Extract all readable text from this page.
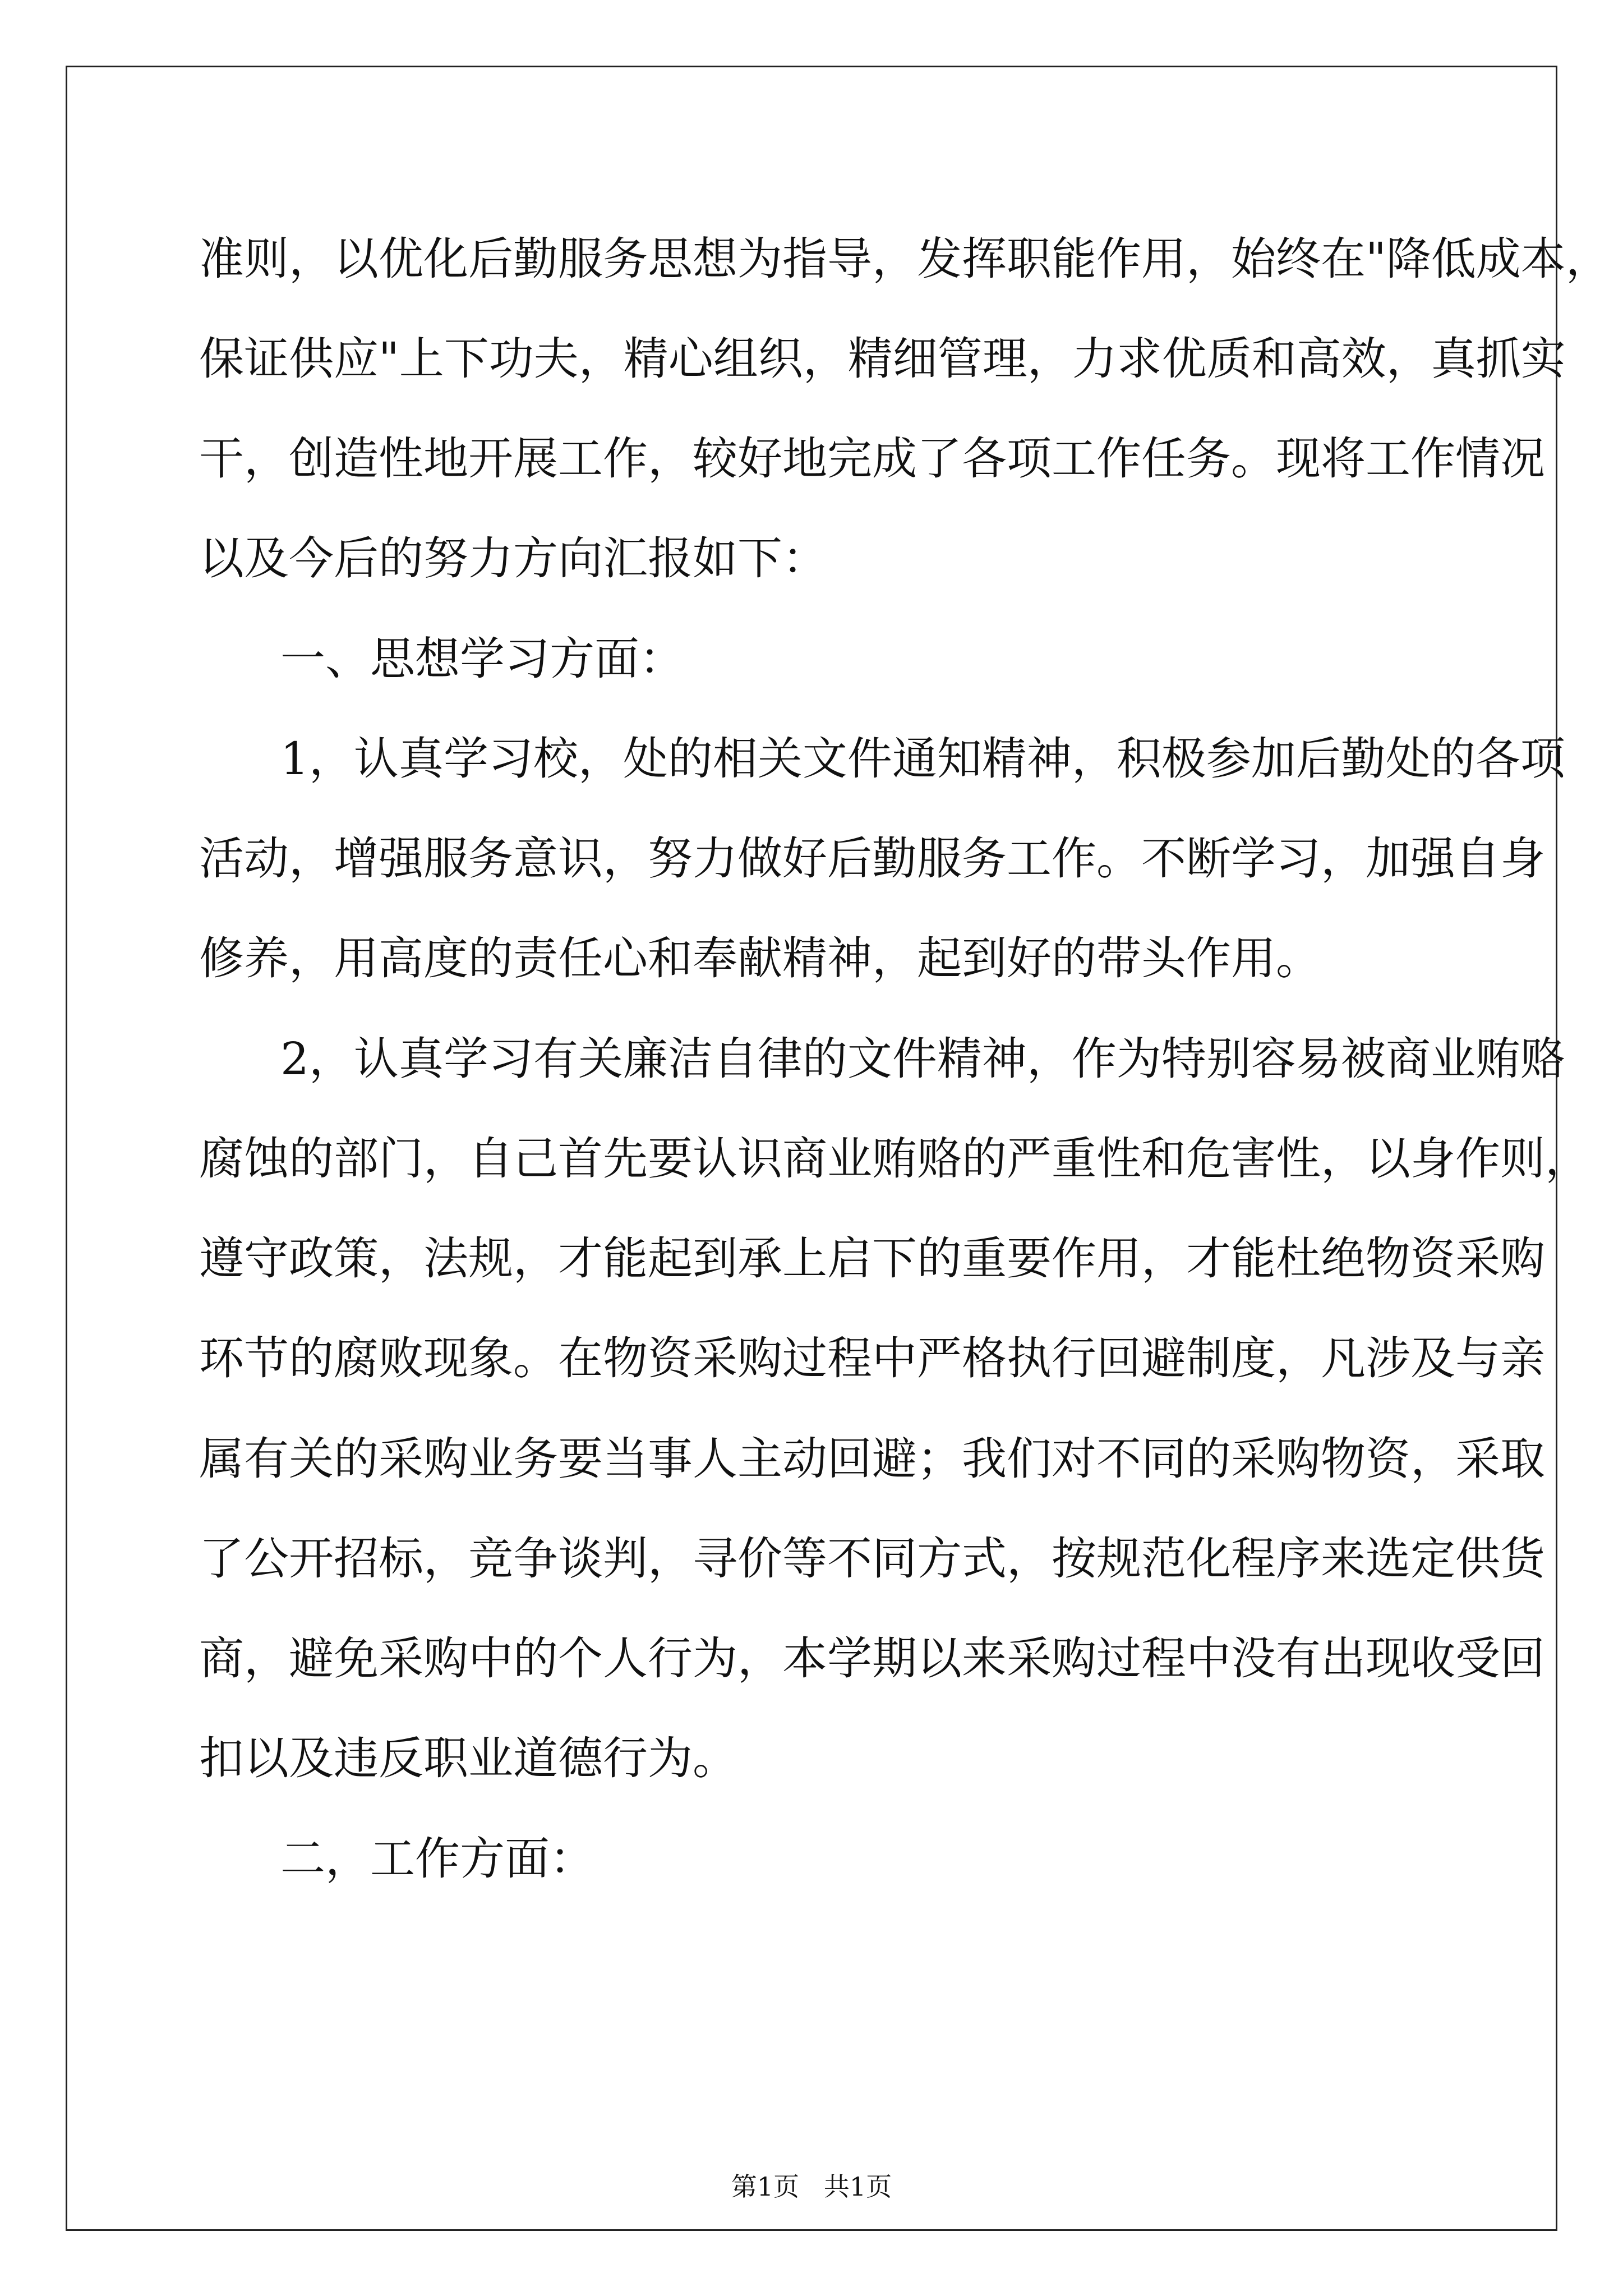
准则，以优化后勤服务思想为指导，发挥职能作用，始终在"降低成本，

保证供应"上下功夫，精心组织，精细管理，力求优质和高效，真抓实

干，创造性地开展工作，较好地完成了各项工作任务。现将工作情况

以及今后的努力方向汇报如下：

一、思想学习方面：

1，认真学习校，处的相关文件通知精神，积极参加后勤处的各项

活动，增强服务意识，努力做好后勤服务工作。不断学习，加强自身

修养，用高度的责任心和奉献精神，起到好的带头作用。

2，认真学习有关廉洁自律的文件精神，作为特别容易被商业贿赂

腐蚀的部门，自己首先要认识商业贿赂的严重性和危害性，以身作则，

遵守政策，法规，才能起到承上启下的重要作用，才能杜绝物资采购

环节的腐败现象。在物资采购过程中严格执行回避制度，凡涉及与亲

属有关的采购业务要当事人主动回避；我们对不同的采购物资，采取

了公开招标，竞争谈判，寻价等不同方式，按规范化程序来选定供货

商，避免采购中的个人行为，本学期以来采购过程中没有出现收受回

扣以及违反职业道德行为。

二，工作方面：

第1页   共1页
